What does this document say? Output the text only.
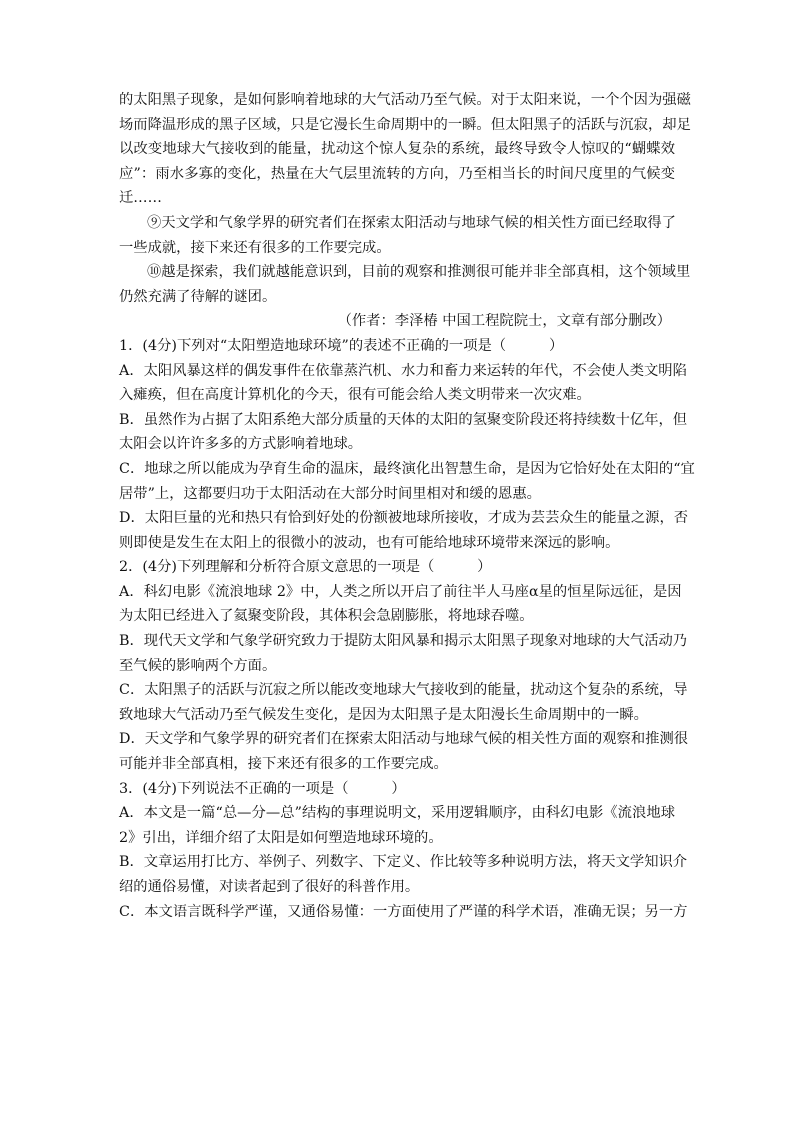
的太阳黑子现象，是如何影响着地球的大气活动乃至气候。对于太阳来说，一个个因为强磁
场而降温形成的黑子区域，只是它漫长生命周期中的一瞬。但太阳黑子的活跃与沉寂，却足
以改变地球大气接收到的能量，扰动这个惊人复杂的系统，最终导致令人惊叹的“蝴蝶效
应”：雨水多寡的变化，热量在大气层里流转的方向，乃至相当长的时间尺度里的气候变
迁……
⑨天文学和气象学界的研究者们在探索太阳活动与地球气候的相关性方面已经取得了
一些成就，接下来还有很多的工作要完成。
⑩越是探索，我们就越能意识到，目前的观察和推测很可能并非全部真相，这个领域里
仍然充满了待解的谜团。
（作者：李泽椿 中国工程院院士，文章有部分删改）
1．(4分)下列对“太阳塑造地球环境”的表述不正确的一项是（　　　）
A．太阳风暴这样的偶发事件在依靠蒸汽机、水力和畜力来运转的年代，不会使人类文明陷
入瘫痪，但在高度计算机化的今天，很有可能会给人类文明带来一次灾难。
B．虽然作为占据了太阳系绝大部分质量的天体的太阳的氢聚变阶段还将持续数十亿年，但
太阳会以许许多多的方式影响着地球。
C．地球之所以能成为孕育生命的温床，最终演化出智慧生命，是因为它恰好处在太阳的“宜
居带”上，这都要归功于太阳活动在大部分时间里相对和缓的恩惠。
D．太阳巨量的光和热只有恰到好处的份额被地球所接收，才成为芸芸众生的能量之源，否
则即使是发生在太阳上的很微小的波动，也有可能给地球环境带来深远的影响。
2．(4分)下列理解和分析符合原文意思的一项是（　　　）
A．科幻电影《流浪地球 2》中，人类之所以开启了前往半人马座α星的恒星际远征，是因
为太阳已经进入了氦聚变阶段，其体积会急剧膨胀，将地球吞噬。
B．现代天文学和气象学研究致力于提防太阳风暴和揭示太阳黑子现象对地球的大气活动乃
至气候的影响两个方面。
C．太阳黑子的活跃与沉寂之所以能改变地球大气接收到的能量，扰动这个复杂的系统，导
致地球大气活动乃至气候发生变化，是因为太阳黑子是太阳漫长生命周期中的一瞬。
D．天文学和气象学界的研究者们在探索太阳活动与地球气候的相关性方面的观察和推测很
可能并非全部真相，接下来还有很多的工作要完成。
3．(4分)下列说法不正确的一项是（　　　）
A．本文是一篇“总—分—总”结构的事理说明文，采用逻辑顺序，由科幻电影《流浪地球
2》引出，详细介绍了太阳是如何塑造地球环境的。
B．文章运用打比方、举例子、列数字、下定义、作比较等多种说明方法，将天文学知识介
绍的通俗易懂，对读者起到了很好的科普作用。
C．本文语言既科学严谨，又通俗易懂：一方面使用了严谨的科学术语，准确无误；另一方
